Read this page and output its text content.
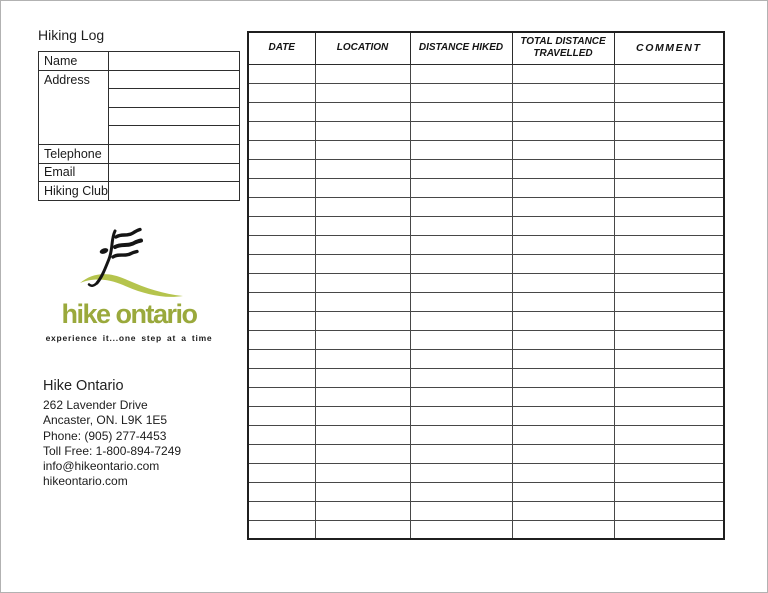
Hiking Log
Name	
Address	

Telephone	
Email	
Hiking Club	
hike ontario
experience it...one step at a time
Hike Ontario
262 Lavender Drive
Ancaster, ON. L9K 1E5
Phone: (905) 277-4453
Toll Free: 1-800-894-7249
info@hikeontario.com
hikeontario.com
DATE	LOCATION	DISTANCE HIKED	TOTAL DISTANCE TRAVELLED	COMMENT
